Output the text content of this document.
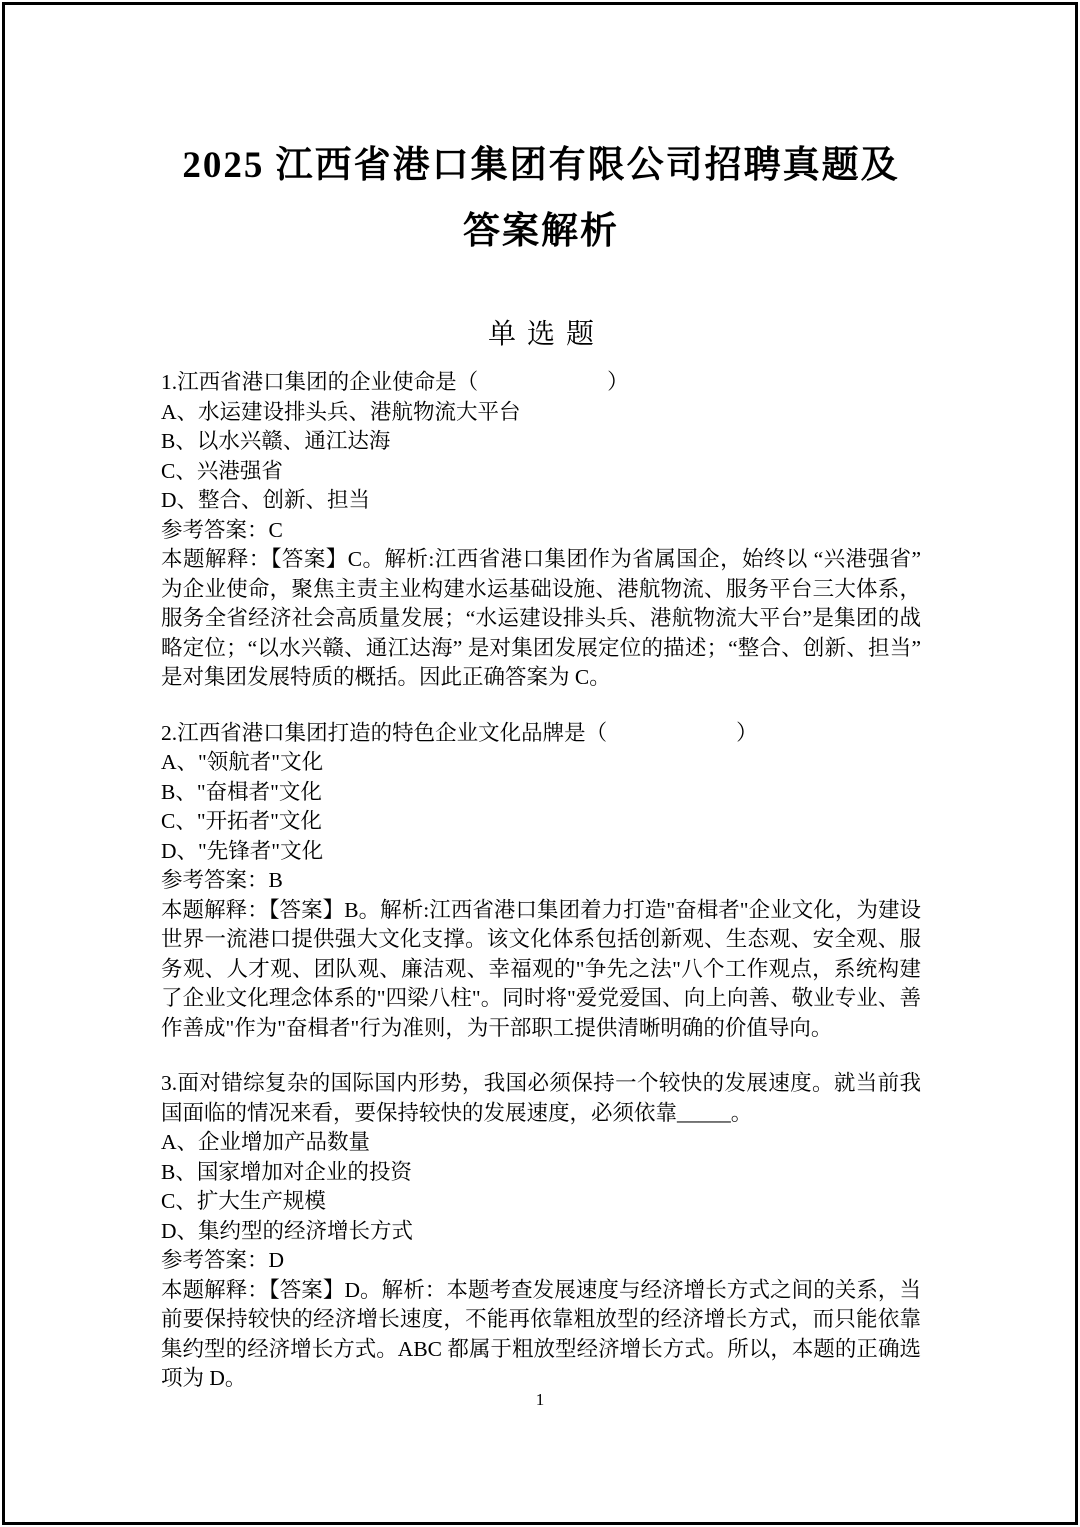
2025 江西省港口集团有限公司招聘真题及
答案解析
单选题

1.江西省港口集团的企业使命是（　　　　　　）

A、水运建设排头兵、港航物流大平台

B、以水兴赣、通江达海

C、兴港强省

D、整合、创新、担当

参考答案：C

本题解释：【答案】C。解析:江西省港口集团作为省属国企，始终以 “兴港强省” 为企业使命，聚焦主责主业构建水运基础设施、港航物流、服务平台三大体系，服务全省经济社会高质量发展；“水运建设排头兵、港航物流大平台”是集团的战略定位；“以水兴赣、通江达海” 是对集团发展定位的描述；“整合、创新、担当” 是对集团发展特质的概括。因此正确答案为 C。

2.江西省港口集团打造的特色企业文化品牌是（　　　　　　）

A、"领航者"文化

B、"奋楫者"文化

C、"开拓者"文化

D、"先锋者"文化

参考答案：B

本题解释：【答案】B。解析:江西省港口集团着力打造"奋楫者"企业文化，为建设世界一流港口提供强大文化支撑。该文化体系包括创新观、生态观、安全观、服务观、人才观、团队观、廉洁观、幸福观的"争先之法"八个工作观点，系统构建了企业文化理念体系的"四梁八柱"。同时将"爱党爱国、向上向善、敬业专业、善作善成"作为"奋楫者"行为准则，为干部职工提供清晰明确的价值导向。

3.面对错综复杂的国际国内形势，我国必须保持一个较快的发展速度。就当前我国面临的情况来看，要保持较快的发展速度，必须依靠_____。

A、企业增加产品数量

B、国家增加对企业的投资

C、扩大生产规模

D、集约型的经济增长方式

参考答案：D

本题解释：【答案】D。解析：本题考查发展速度与经济增长方式之间的关系，当前要保持较快的经济增长速度，不能再依靠粗放型的经济增长方式，而只能依靠集约型的经济增长方式。ABC 都属于粗放型经济增长方式。所以，本题的正确选项为 D。

1
